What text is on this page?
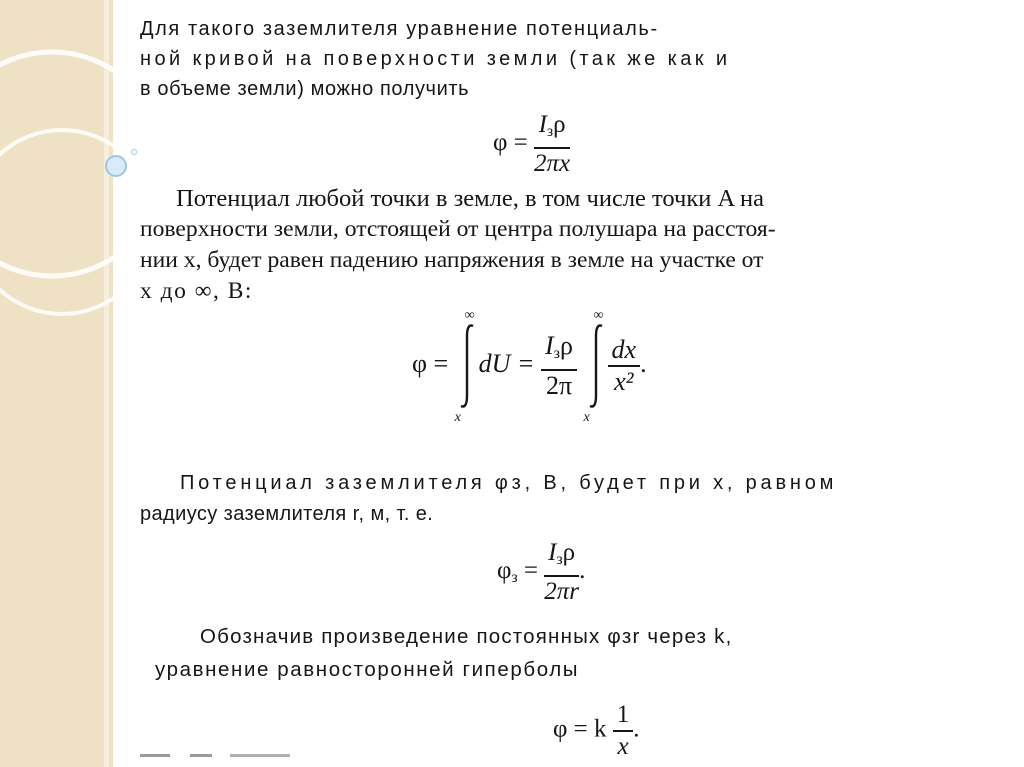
Для такого заземлителя уравнение потенциаль-
ной кривой на поверхности земли (так же как и
в объеме земли) можно получить
$\varphi = \frac{I_з\rho}{2\pi x}$
Потенциал любой точки в земле, в том числе точки A на
поверхности земли, отстоящей от центра полушара на расстоя-
нии x, будет равен падению напряжения в земле на участке от
x до ∞, В:
φ =
∞
x
dU = $\frac{I_з\rho}{2\pi}$

∞
x
$\frac{dx}{\text{x²}}$ .
Потенциал заземлителя φз, В, будет при x, равном
радиусу заземлителя r, м, т. е.
$\varphi_з = \frac{I_з\rho}{2\pi r}$ .
Обозначив произведение постоянных φзr через k,
уравнение равносторонней гиперболы
φ = k $\frac{1}{x}$ .
